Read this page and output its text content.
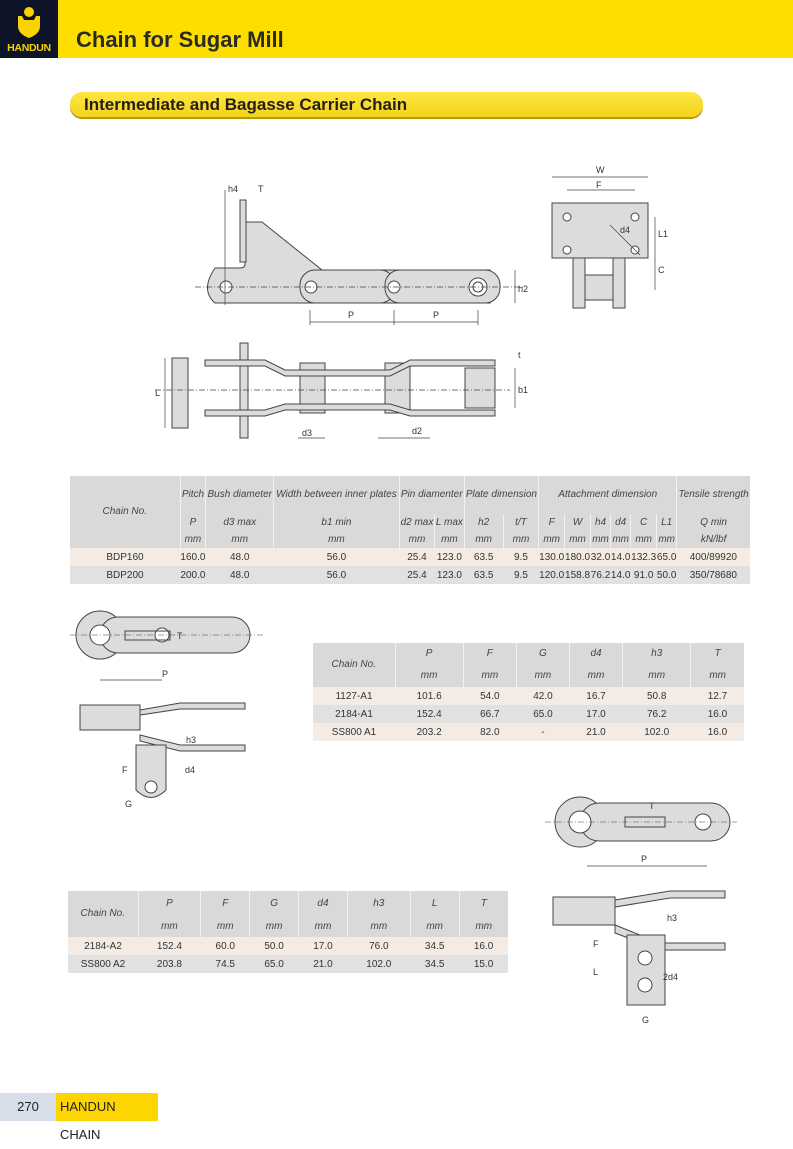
HANDUN	Chain for Sugar Mill
Intermediate and Bagasse Carrier Chain
h4 T
P	P
h2
W
F
d4	L1
C
L
t
b1
d3	d2
Chain No.	Pitch	Bush diameter	Width between inner plates	Pin diamenter		Plate dimension		Attachment dimension						Tensile strength
	P	d3 max	b1 min	d2 max	L max	h2	t/T	F	W	h4	d4	C	L1	Q min
	mm	mm	mm	mm	mm	mm	mm	mm	mm	mm	mm	mm	mm	kN/lbf
BDP160	160.0	48.0	56.0	25.4	123.0	63.5	9.5	130.0	180.0	32.0	14.0	132.3	65.0	400/89920
BDP200	200.0	48.0	56.0	25.4	123.0	63.5	9.5	120.0	158.8	76.2	14.0	91.0	50.0	350/78680
P
T
h3
F	d4
G
Chain No.	P	F	G	d4	h3	T
	mm	mm	mm	mm	mm	mm
1127-A1	101.6	54.0	42.0	16.7	50.8	12.7
2184-A1	152.4	66.7	65.0	17.0	76.2	16.0
SS800 A1	203.2	82.0	-	21.0	102.0	16.0
P
T
h3
F
L	2d4
G
Chain No.	P	F	G	d4	h3	L	T
	mm	mm	mm	mm	mm	mm	mm
2184-A2	152.4	60.0	50.0	17.0	76.0	34.5	16.0
SS800 A2	203.8	74.5	65.0	21.0	102.0	34.5	15.0
270	HANDUN CHAIN
